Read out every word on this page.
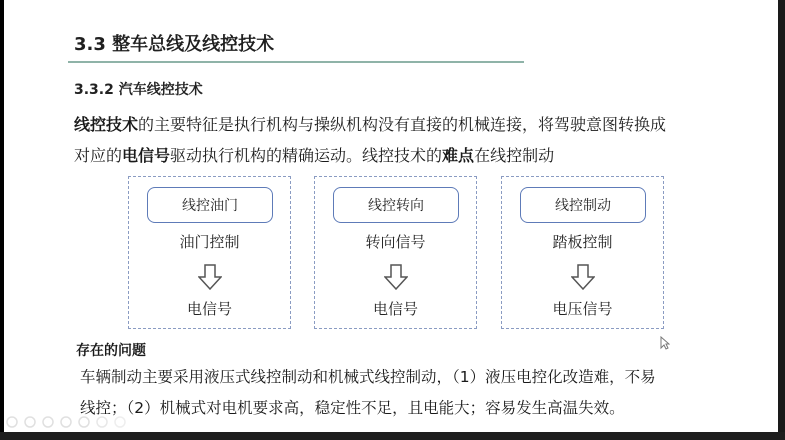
3.3 整车总线及线控技术
3.3.2 汽车线控技术
线控技术的主要特征是执行机构与操纵机构没有直接的机械连接，将驾驶意图转换成
对应的电信号驱动执行机构的精确运动。线控技术的难点在线控制动
线控油门
油门控制
电信号
线控转向
转向信号
电信号
线控制动
踏板控制
电压信号
存在的问题
车辆制动主要采用液压式线控制动和机械式线控制动，（1）液压电控化改造难，不易
线控；（2）机械式对电机要求高，稳定性不足，且电能大；容易发生高温失效。
